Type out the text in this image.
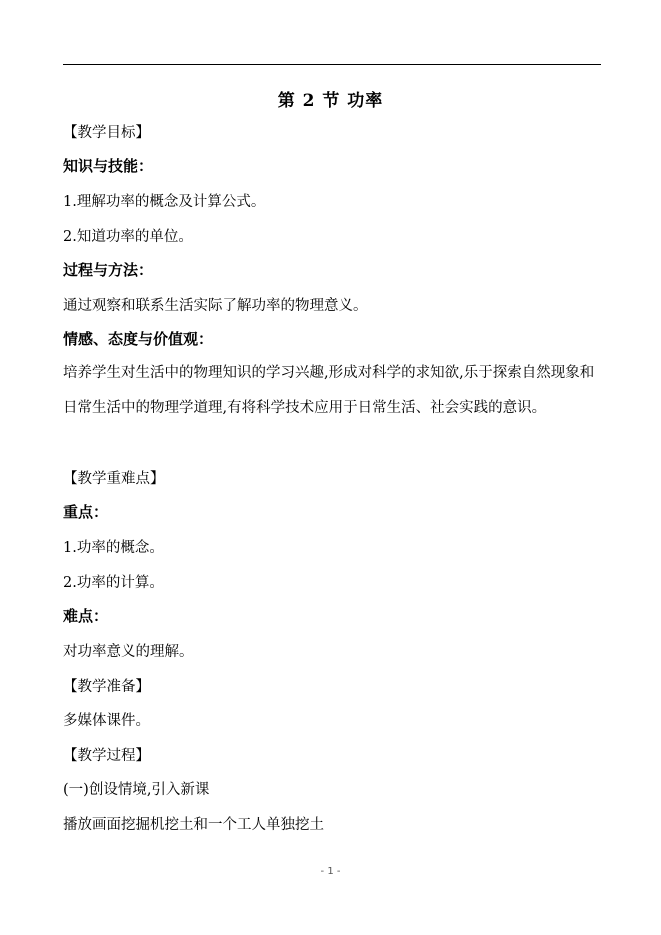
第 2 节 功率
【教学目标】
知识与技能：
1.理解功率的概念及计算公式。
2.知道功率的单位。
过程与方法：
通过观察和联系生活实际了解功率的物理意义。
情感、态度与价值观：
培养学生对生活中的物理知识的学习兴趣,形成对科学的求知欲,乐于探索自然现象和日常生活中的物理学道理,有将科学技术应用于日常生活、社会实践的意识。
【教学重难点】
重点：
1.功率的概念。
2.功率的计算。
难点：
对功率意义的理解。
【教学准备】
多媒体课件。
【教学过程】
(一)创设情境,引入新课
播放画面挖掘机挖土和一个工人单独挖土
- 1 -
